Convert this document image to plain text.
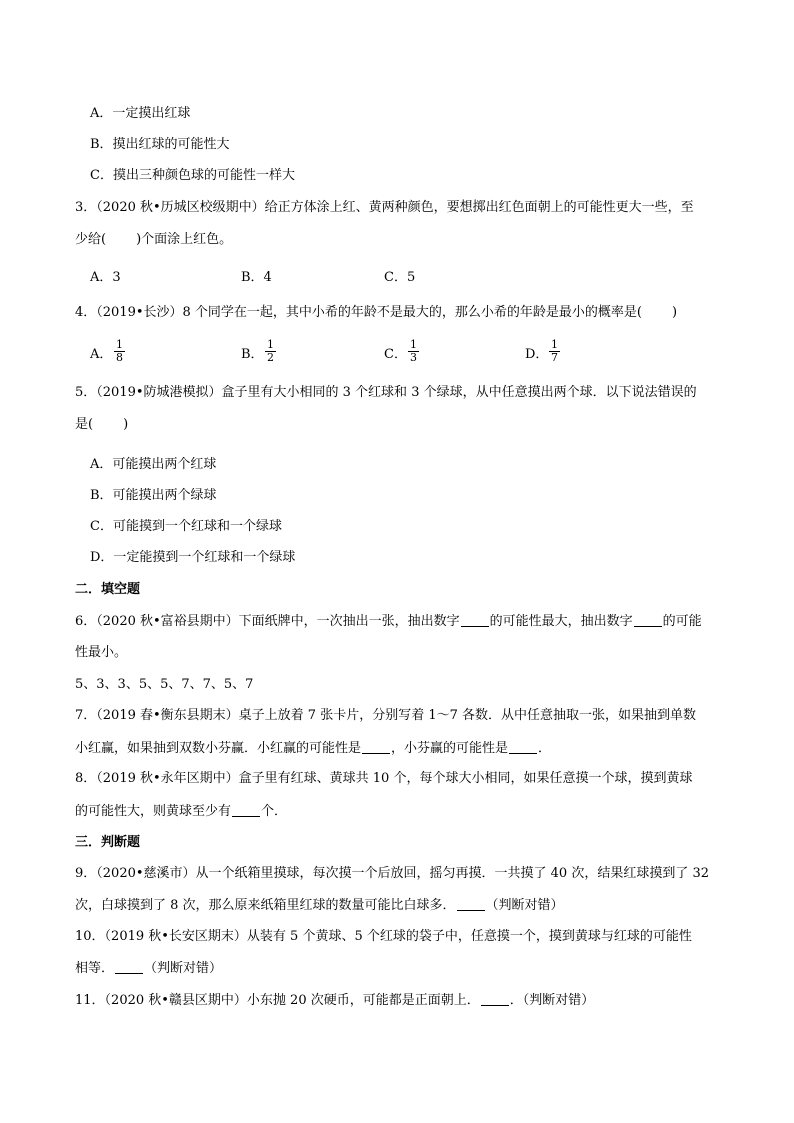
A．一定摸出红球
B．摸出红球的可能性大
C．摸出三种颜色球的可能性一样大
3．（2020 秋•历城区校级期中）给正方体涂上红、黄两种颜色，要想掷出红色面朝上的可能性更大一些，至
少给( )个面涂上红色。
A．3	B．4	C．5
4．（2019•长沙）8 个同学在一起，其中小希的年龄不是最大的，那么小希的年龄是最小的概率是( )
A． $\frac{1}{8}$	B． $\frac{1}{2}$	C． $\frac{1}{3}$	D． $\frac{1}{7}$
5．（2019•防城港模拟）盒子里有大小相同的 3 个红球和 3 个绿球，从中任意摸出两个球．以下说法错误的
是( )
A．可能摸出两个红球
B．可能摸出两个绿球
C．可能摸到一个红球和一个绿球
D．一定能摸到一个红球和一个绿球
二．填空题
6．（2020 秋•富裕县期中）下面纸牌中，一次抽出一张，抽出数字 的可能性最大，抽出数字 的可能
性最小。
5、3、3、5、5、7、7、5、7
7．（2019 春•衡东县期末）桌子上放着 7 张卡片，分别写着 1～7 各数．从中任意抽取一张，如果抽到单数
小红赢，如果抽到双数小芬赢．小红赢的可能性是 ，小芬赢的可能性是 ．
8．（2019 秋•永年区期中）盒子里有红球、黄球共 10 个，每个球大小相同，如果任意摸一个球，摸到黄球
的可能性大，则黄球至少有 个．
三．判断题
9．（2020•慈溪市）从一个纸箱里摸球，每次摸一个后放回，摇匀再摸．一共摸了 40 次，结果红球摸到了 32
次，白球摸到了 8 次，那么原来纸箱里红球的数量可能比白球多． （判断对错）
10．（2019 秋•长安区期末）从装有 5 个黄球、5 个红球的袋子中，任意摸一个，摸到黄球与红球的可能性
相等． （判断对错）
11．（2020 秋•赣县区期中）小东抛 20 次硬币，可能都是正面朝上． ．（判断对错）
